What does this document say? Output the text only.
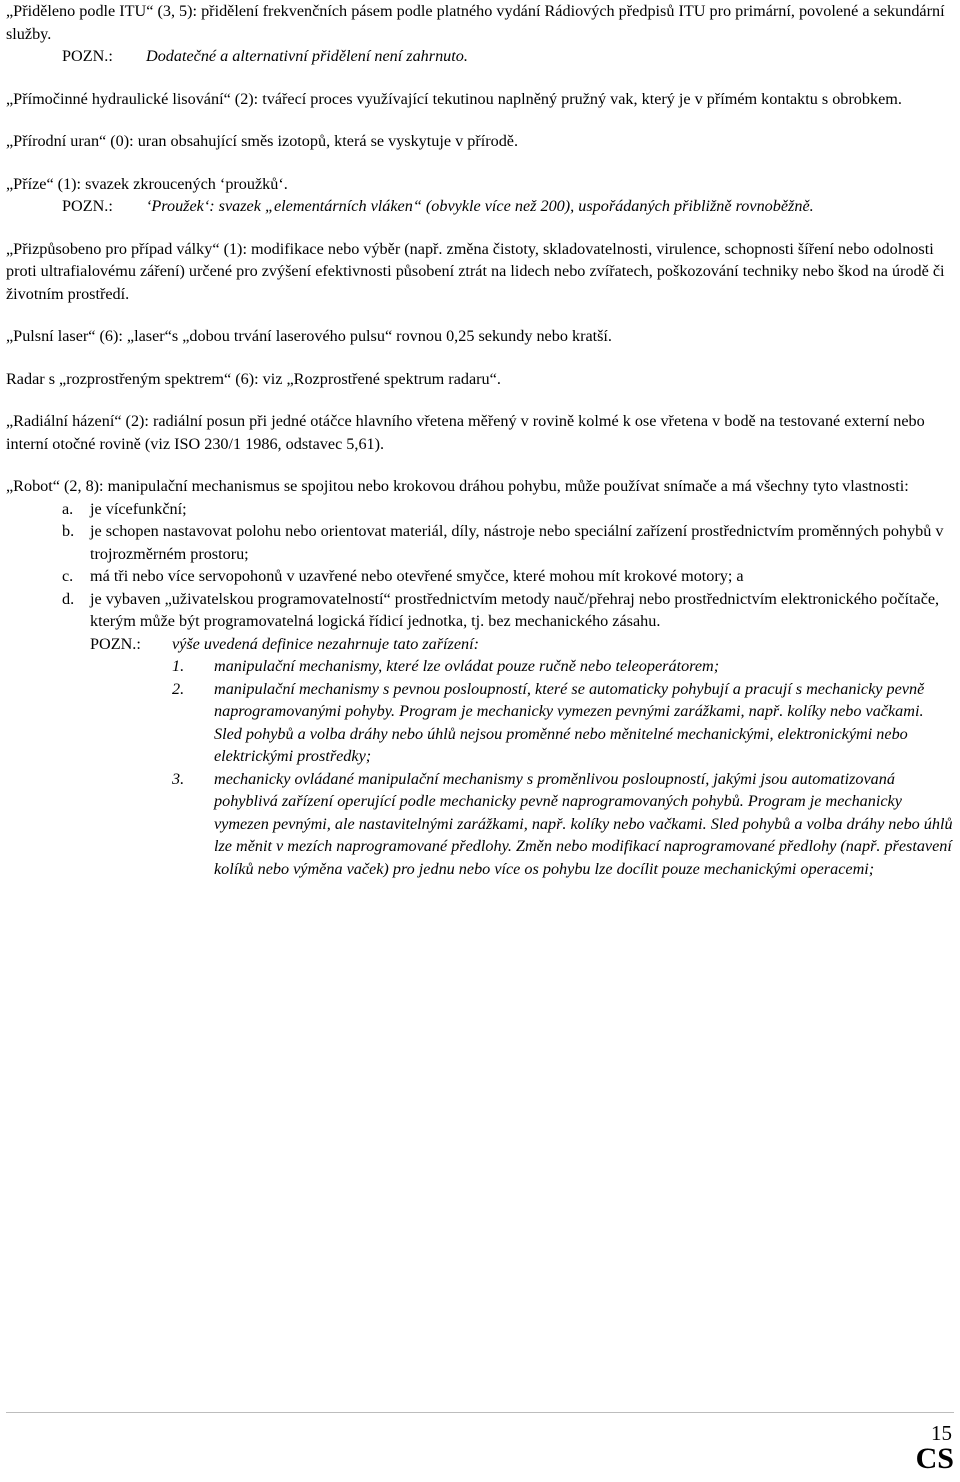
„Přiděleno podle ITU“ (3, 5): přidělení frekvenčních pásem podle platného vydání Rádiových předpisů ITU pro primární, povolené a sekundární služby.

POZN.:	Dodatečné a alternativní přidělení není zahrnuto.

„Přímočinné hydraulické lisování“ (2): tvářecí proces využívající tekutinou naplněný pružný vak, který je v přímém kontaktu s obrobkem.

„Přírodní uran“ (0): uran obsahující směs izotopů, která se vyskytuje v přírodě.

„Příze“ (1): svazek zkroucených ‘proužků‘.

POZN.:	‘Proužek‘: svazek „elementárních vláken“ (obvykle více než 200), uspořádaných přibližně rovnoběžně.

„Přizpůsobeno pro případ války“ (1): modifikace nebo výběr (např. změna čistoty, skladovatelnosti, virulence, schopnosti šíření nebo odolnosti proti ultrafialovému záření) určené pro zvýšení efektivnosti působení ztrát na lidech nebo zvířatech, poškozování techniky nebo škod na úrodě či životním prostředí.

„Pulsní laser“ (6): „laser“s „dobou trvání laserového pulsu“ rovnou 0,25 sekundy nebo kratší.

Radar s „rozprostřeným spektrem“ (6): viz „Rozprostřené spektrum radaru“.

„Radiální házení“ (2): radiální posun při jedné otáčce hlavního vřetena měřený v rovině kolmé k ose vřetena v bodě na testované externí nebo interní otočné rovině (viz ISO 230/1 1986, odstavec 5,61).

„Robot“ (2, 8): manipulační mechanismus se spojitou nebo krokovou dráhou pohybu, může používat snímače a má všechny tyto vlastnosti:

a.	je vícefunkční;
b. je schopen nastavovat polohu nebo orientovat materiál, díly, nástroje nebo speciální zařízení prostřednictvím proměnných pohybů v trojrozměrném prostoru;
c.	má tři nebo více servopohonů v uzavřené nebo otevřené smyčce, které mohou mít krokové motory; a
d. je vybaven „uživatelskou programovatelností“ prostřednictvím metody nauč/přehraj nebo prostřednictvím elektronického počítače, kterým může být programovatelná logická řídicí jednotka, tj. bez mechanického zásahu.
POZN.:	výše uvedená definice nezahrnuje tato zařízení:
1.	manipulační mechanismy, které lze ovládat pouze ručně nebo teleoperátorem;
2.	manipulační mechanismy s pevnou posloupností, které se automaticky pohybují a pracují s mechanicky pevně naprogramovanými pohyby. Program je mechanicky vymezen pevnými zarážkami, např. kolíky nebo vačkami. Sled pohybů a volba dráhy nebo úhlů nejsou proměnné nebo měnitelné mechanickými, elektronickými nebo elektrickými prostředky;
3.	mechanicky ovládané manipulační mechanismy s proměnlivou posloupností, jakými jsou automatizovaná pohyblivá zařízení operující podle mechanicky pevně naprogramovaných pohybů. Program je mechanicky vymezen pevnými, ale nastavitelnými zarážkami, např. kolíky nebo vačkami. Sled pohybů a volba dráhy nebo úhlů lze měnit v mezích naprogramované předlohy. Změn nebo modifikací naprogramované předlohy (např. přestavení kolíků nebo výměna vaček) pro jednu nebo více os pohybu lze docílit pouze mechanickými operacemi;
15
CS
